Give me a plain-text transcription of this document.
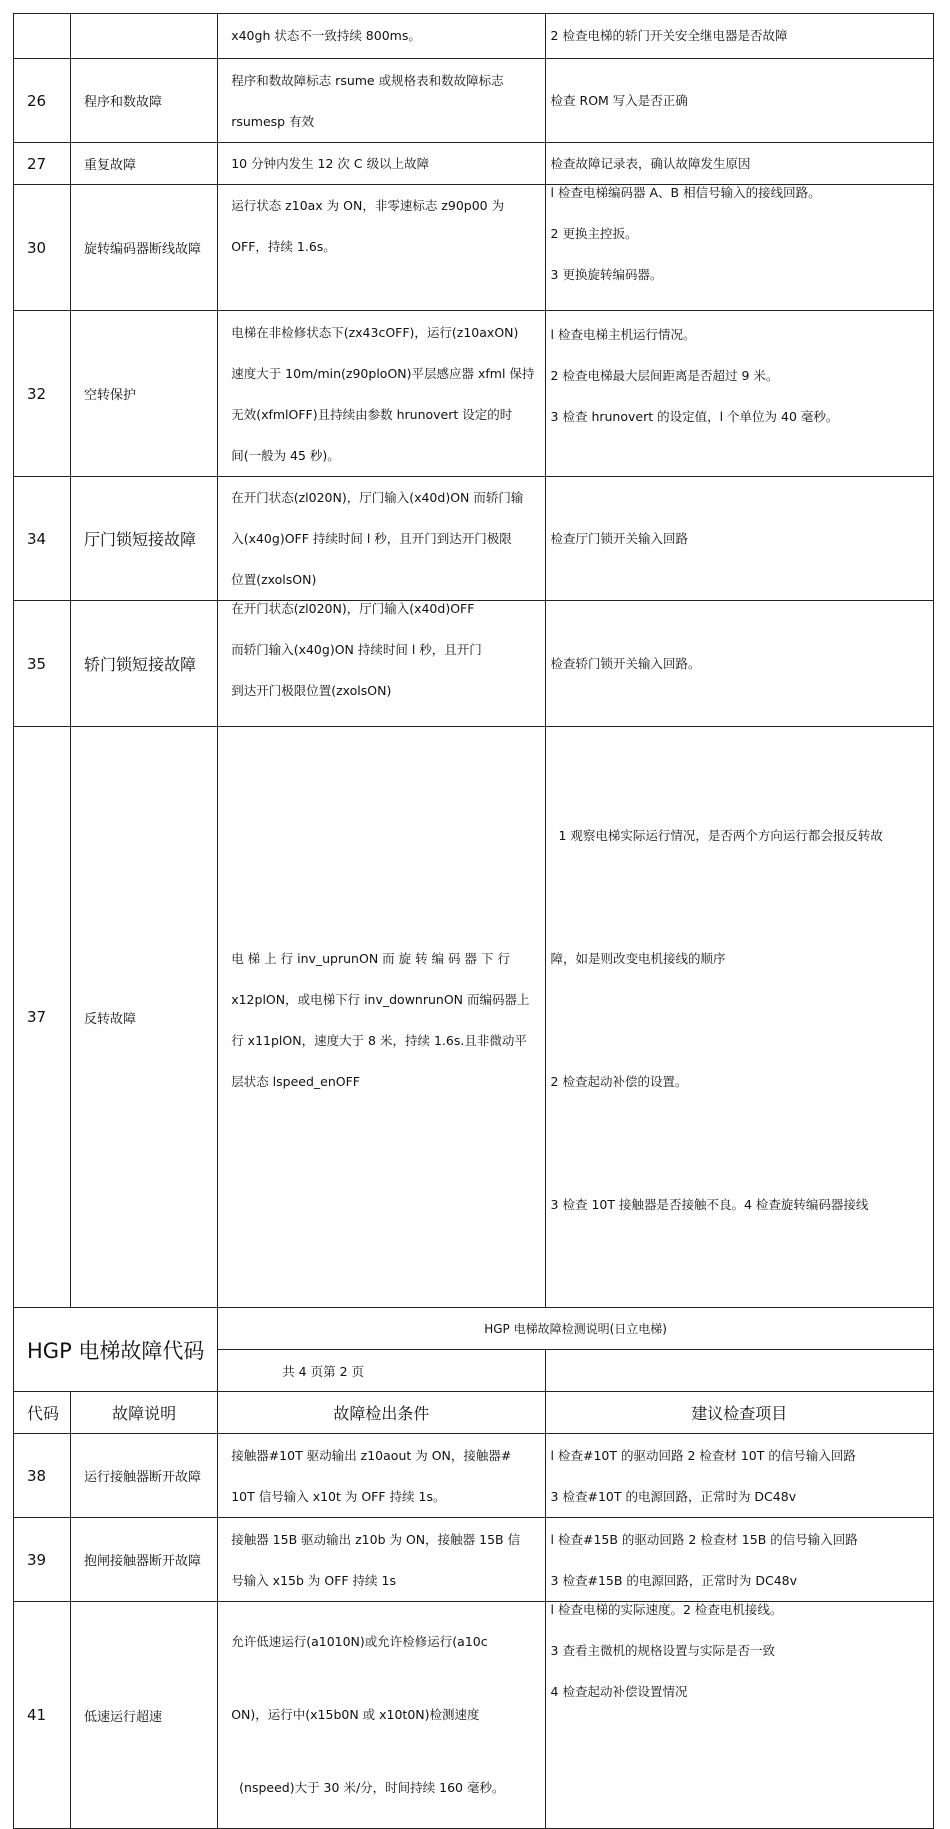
		x40gh 状态不一致持续 800ms。	2 检查电梯的轿门开关安全继电器是否故障

26	程序和数故障	程序和数故障标志 rsume 或规格表和数故障标志
rsumesp 有效	检查 ROM 写入是否正确

27	重复故障	10 分钟内发生 12 次 C 级以上故障	检查故障记录表，确认故障发生原因

30	旋转编码器断线故障	运行状态 z10ax 为 ON，非零速标志 z90p00 为
OFF，持续 1.6s。	l 检查电梯编码器 A、B 相信号输入的接线回路。
2 更换主控扳。
3 更换旋转编码器。

32	空转保护	电梯在非检修状态下(zx43cOFF)，运行(z10axON)
速度大于 10m/min(z90ploON)平层感应器 xfml 保持
无效(xfmlOFF)且持续由参数 hrunovert 设定的时
间(一般为 45 秒)。	l 检查电梯主机运行情况。
2 检查电梯最大层间距离是否超过 9 米。
3 检查 hrunovert 的设定值，l 个单位为 40 毫秒。

34	厅门锁短接故障	在开门状态(zl020N)，厅门输入(x40d)ON 而轿门输
入(x40g)OFF 持续时间 l 秒，且开门到达开门极限
位置(zxolsON)	检查厅门锁开关输入回路

35	轿门锁短接故障	在开门状态(zl020N)，厅门输入(x40d)OFF
而轿门输入(x40g)ON 持续时间 l 秒，且开门
到达开门极限位置(zxolsON)	检查轿门锁开关输入回路。

37	反转故障	电 梯 上 行 inv_uprunON 而 旋 转 编 码 器 下 行
x12plON，或电梯下行 inv_downrunON 而编码器上
行 x11plON，速度大于 8 米，持续 1.6s.且非微动平
层状态 lspeed_enOFF	1 观察电梯实际运行情况，是否两个方向运行都会报反转故

障，如是则改变电机接线的顺序

2 检查起动补偿的设置。

3 检查 10T 接触器是否接触不良。4 检查旋转编码器接线

HGP 电梯故障代码		HGP 电梯故障检测说明(日立电梯)	
		共 4 页第 2 页	
代码	故障说明	故障检出条件	建议检查项目
38	运行接触器断开故障	接触器#10T 驱动输出 z10aout 为 ON，接触器#
10T 信号输入 x10t 为 OFF 持续 1s。	l 检查#10T 的驱动回路 2 检查材 10T 的信号输入回路
3 检查#10T 的电源回路，正常时为 DC48v

39	抱闸接触器断开故障	接触器 15B 驱动输出 z10b 为 ON，接触器 15B 信
号输入 x15b 为 OFF 持续 1s	l 检查#15B 的驱动回路 2 检查材 15B 的信号输入回路
3 检查#15B 的电源回路，正常时为 DC48v

41	低速运行超速	允许低速运行(a1010N)或允许检修运行(a10c

ON)，运行中(x15b0N 或 x10t0N)检测速度

(nspeed)大于 30 米/分，时间持续 160 毫秒。	l 检查电梯的实际速度。2 检查电机接线。
3 查看主微机的规格设置与实际是否一致
4 检查起动补偿设置情况
